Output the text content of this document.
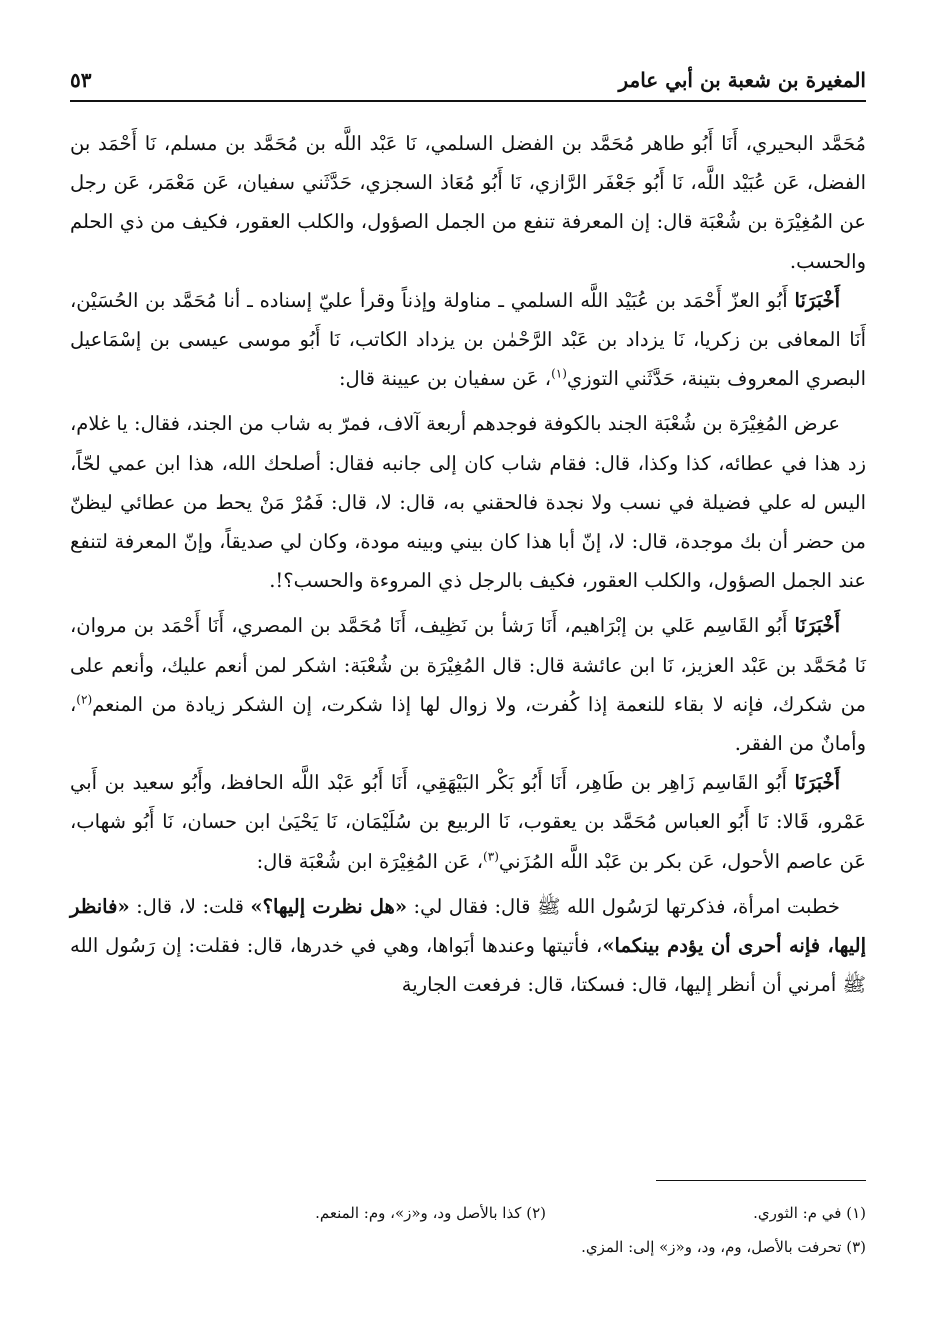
المغيرة بن شعبة بن أبي عامر
٥٣

مُحَمَّد البحيري، أَنَا أَبُو طاهر مُحَمَّد بن الفضل السلمي، نَا عَبْد اللَّه بن مُحَمَّد بن مسلم، نَا أَحْمَد بن الفضل، عَن عُبَيْد اللَّه، نَا أَبُو جَعْفَر الرَّازي، نَا أَبُو مُعَاذ السجزي، حَدَّثَني سفيان، عَن مَعْمَر، عَن رجل عن المُغِيْرَة بن شُعْبَة قال: إن المعرفة تنفع من الجمل الصؤول، والكلب العقور، فكيف من ذي الحلم والحسب.

أَخْبَرَنَا أَبُو العزّ أَحْمَد بن عُبَيْد اللَّه السلمي ـ مناولة وإذناً وقرأ عليّ إسناده ـ أنا مُحَمَّد بن الحُسَيْن، أَنَا المعافى بن زكريا، نَا يزداد بن عَبْد الرَّحْمٰن بن يزداد الكاتب، نَا أَبُو موسى عيسى بن إسْمَاعيل البصري المعروف بتينة، حَدَّثَني التوزي$^{(١)}$، عَن سفيان بن عيينة قال:

عرض المُغِيْرَة بن شُعْبَة الجند بالكوفة فوجدهم أربعة آلاف، فمرّ به شاب من الجند، فقال: يا غلام، زد هذا في عطائه، كذا وكذا، قال: فقام شاب كان إلى جانبه فقال: أصلحك الله، هذا ابن عمي لحّاً، اليس له علي فضيلة في نسب ولا نجدة فالحقني به، قال: لا، قال: فَمُرْ مَنْ يحط من عطائي ليظنّ من حضر أن بك موجدة، قال: لا، إنّ أبا هذا كان بيني وبينه مودة، وكان لي صديقاً، وإنّ المعرفة لتنفع عند الجمل الصؤول، والكلب العقور، فكيف بالرجل ذي المروءة والحسب؟!.

أَخْبَرَنَا أَبُو القَاسِم عَلي بن إبْرَاهيم، أَنَا رَشأ بن نَظِيف، أَنَا مُحَمَّد بن المصري، أَنَا أَحْمَد بن مروان، نَا مُحَمَّد بن عَبْد العزيز، نَا ابن عائشة قال: قال المُغِيْرَة بن شُعْبَة: اشكر لمن أنعم عليك، وأنعم على من شكرك، فإنه لا بقاء للنعمة إذا كُفرت، ولا زوال لها إذا شكرت، إن الشكر زيادة من المنعم$^{(٢)}$، وأمانٌ من الفقر.

أَخْبَرَنَا أَبُو القَاسِم زَاهِر بن طَاهِر، أَنَا أَبُو بَكْر البَيْهَقِي، أَنَا أَبُو عَبْد اللَّه الحافظ، وأَبُو سعيد بن أَبي عَمْرو، قَالا: نَا أَبُو العباس مُحَمَّد بن يعقوب، نَا الربيع بن سُلَيْمَان، نَا يَحْيَىٰ ابن حسان، نَا أَبُو شهاب، عَن عاصم الأحول، عَن بكر بن عَبْد اللَّه المُزَني$^{(٣)}$، عَن المُغِيْرَة ابن شُعْبَة قال:

خطبت امرأة، فذكرتها لرَسُول الله ﷺ قال: فقال لي: «هل نظرت إليها؟» قلت: لا، قال: «فانظر إليها، فإنه أحرى أن يؤدم بينكما»، فأتيتها وعندها أبَواها، وهي في خدرها، قال: فقلت: إن رَسُول الله ﷺ أمرني أن أنظر إليها، قال: فسكتا، قال: فرفعت الجارية

(١) في م: الثوري.
(٢) كذا بالأصل ود، و«ز»، وم: المنعم.
(٣) تحرفت بالأصل، وم، ود، و«ز» إلى: المزي.
